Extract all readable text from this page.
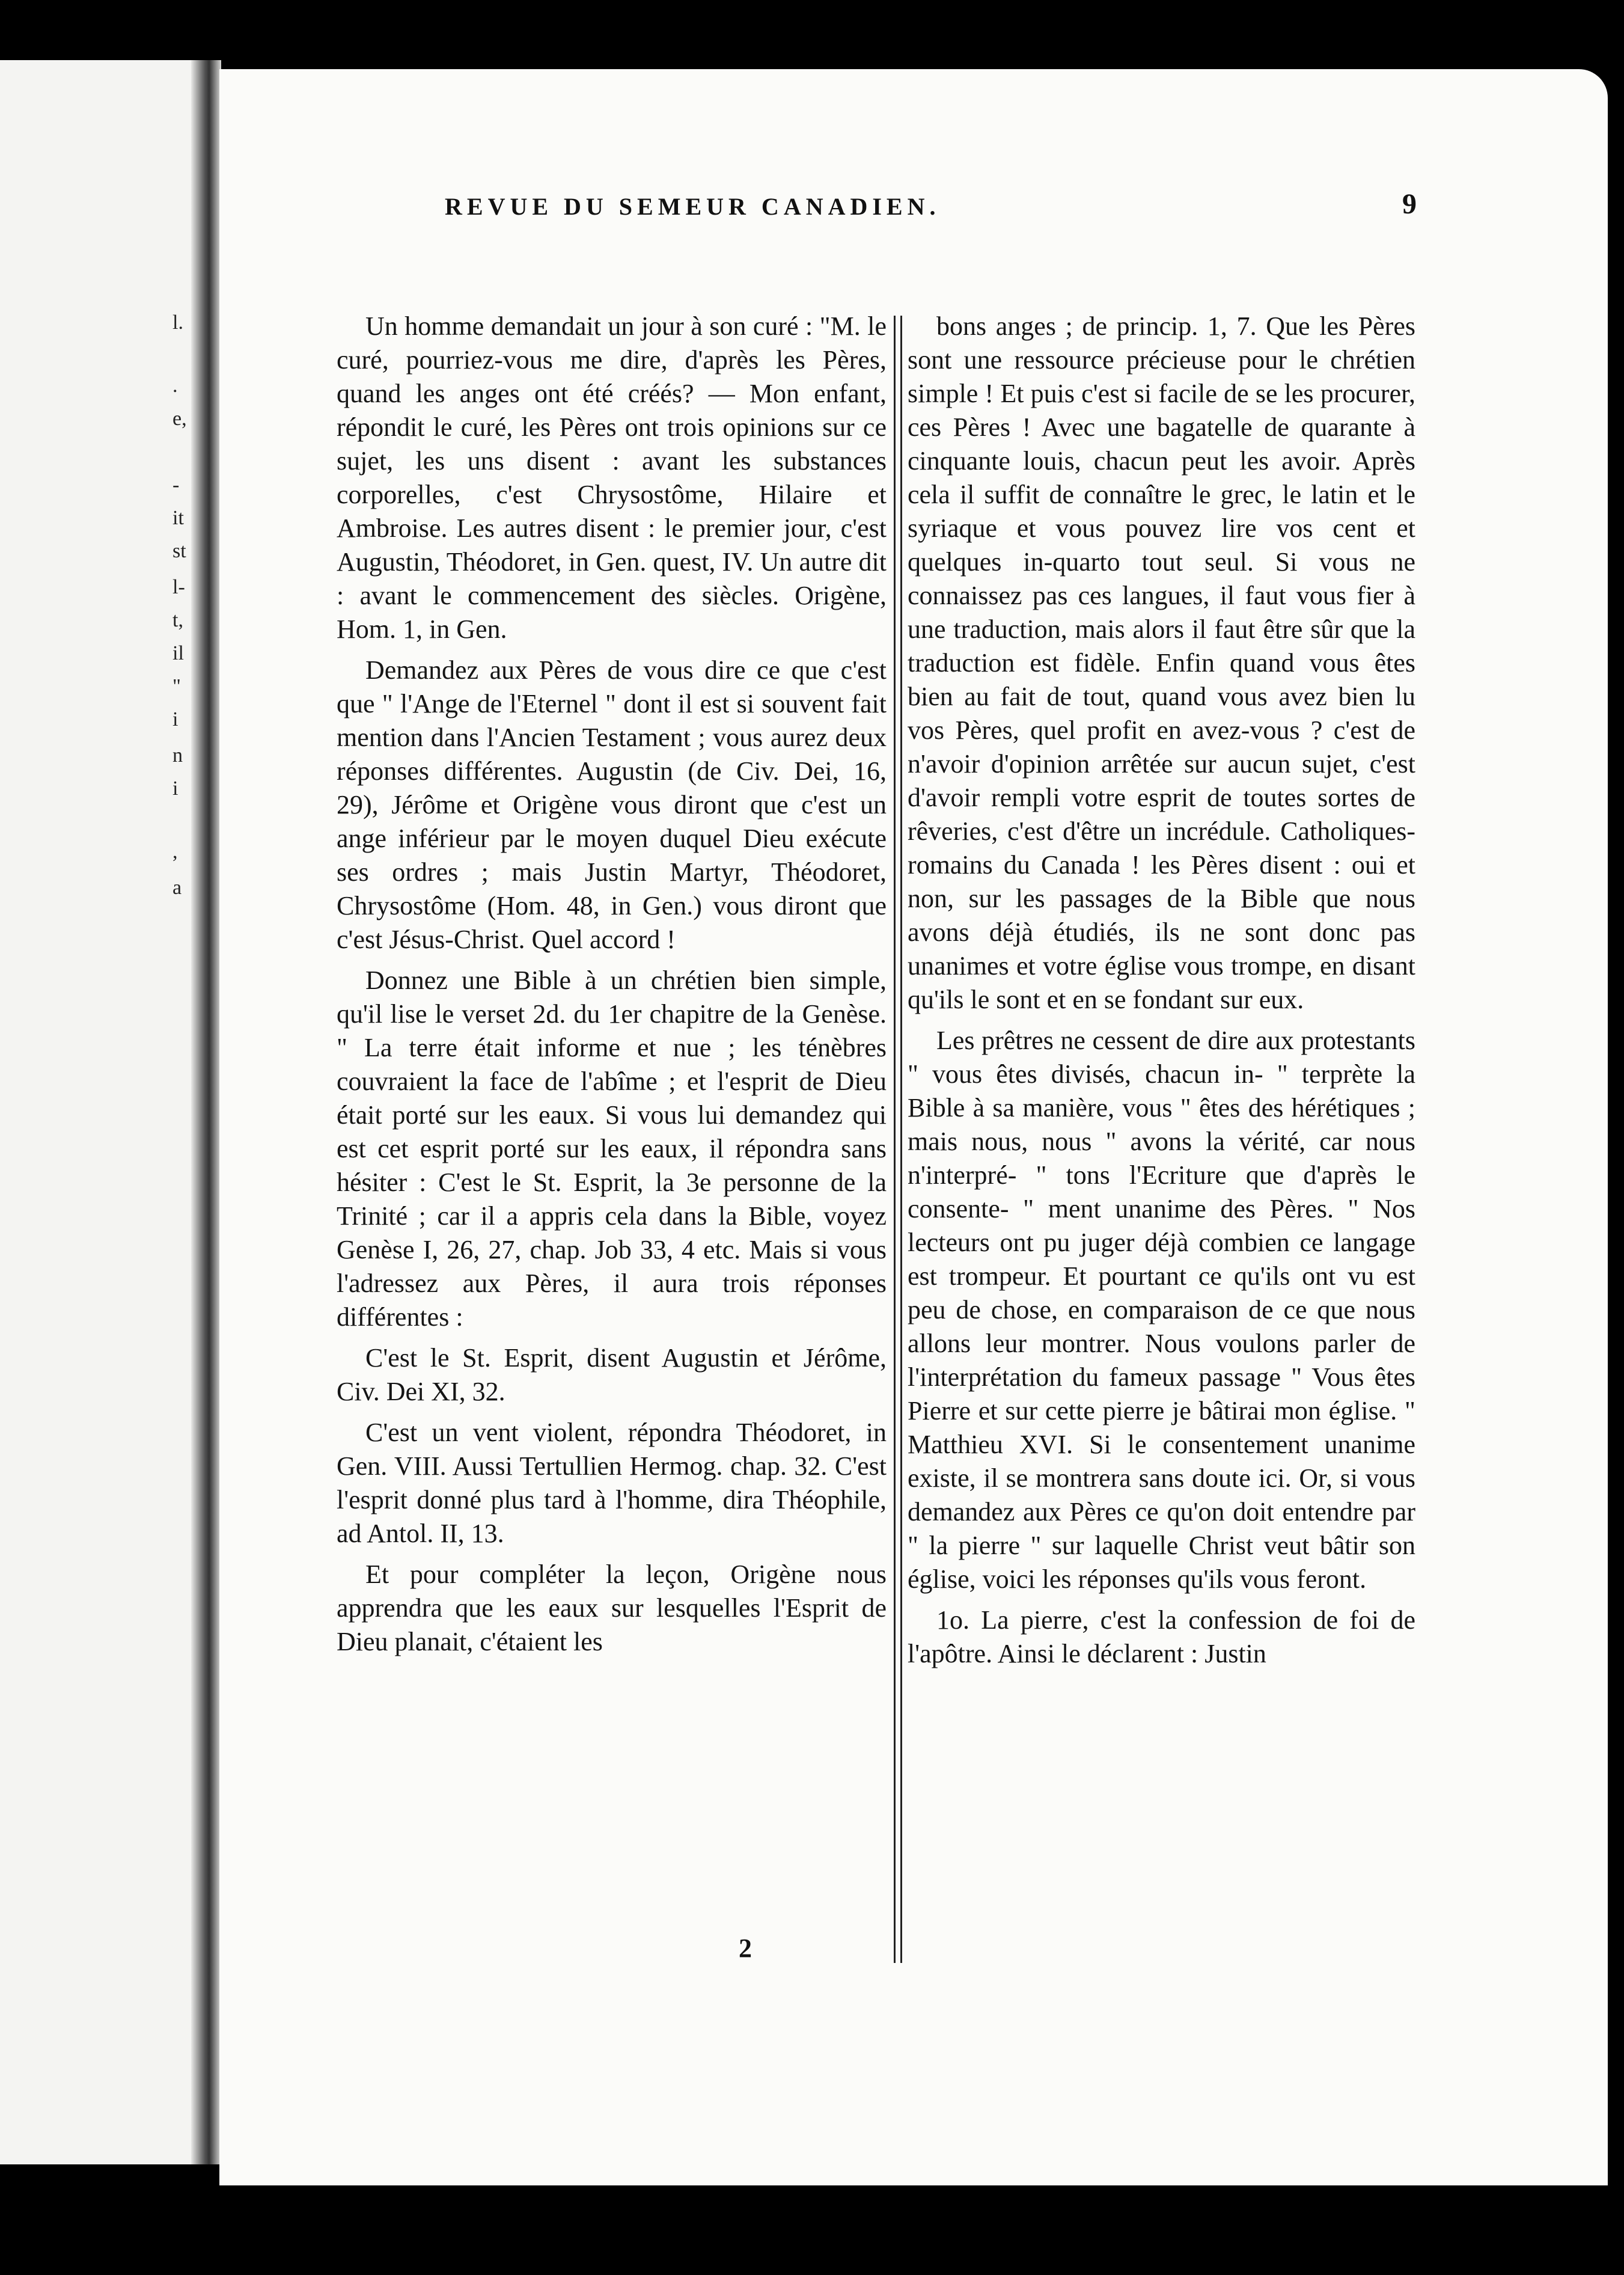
l.
.
e,
-
it
st
l-
t,
il
"
i
n
i
,
a
REVUE DU SEMEUR CANADIEN.	9

Un homme demandait un jour à son curé : "M. le curé, pourriez-vous me dire, d'après les Pères, quand les anges ont été créés? — Mon enfant, répondit le curé, les Pères ont trois opinions sur ce sujet, les uns disent : avant les substances corporelles, c'est Chrysostôme, Hilaire et Ambroise. Les autres disent : le premier jour, c'est Augustin, Théodoret, in Gen. quest, IV. Un autre dit : avant le commencement des siècles. Origène, Hom. 1, in Gen.

Demandez aux Pères de vous dire ce que c'est que " l'Ange de l'Eternel " dont il est si souvent fait mention dans l'Ancien Testament ; vous aurez deux réponses différentes. Augustin (de Civ. Dei, 16, 29), Jérôme et Origène vous diront que c'est un ange inférieur par le moyen duquel Dieu exécute ses ordres ; mais Justin Martyr, Théodoret, Chrysostôme (Hom. 48, in Gen.) vous diront que c'est Jésus-Christ. Quel accord !

Donnez une Bible à un chrétien bien simple, qu'il lise le verset 2d. du 1er chapitre de la Genèse. " La terre était informe et nue ; les ténèbres couvraient la face de l'abîme ; et l'esprit de Dieu était porté sur les eaux. Si vous lui demandez qui est cet esprit porté sur les eaux, il répondra sans hésiter : C'est le St. Esprit, la 3e personne de la Trinité ; car il a appris cela dans la Bible, voyez Genèse I, 26, 27, chap. Job 33, 4 etc. Mais si vous l'adressez aux Pères, il aura trois réponses différentes :

C'est le St. Esprit, disent Augustin et Jérôme, Civ. Dei XI, 32.

C'est un vent violent, répondra Théodoret, in Gen. VIII. Aussi Tertullien Hermog. chap. 32. C'est l'esprit donné plus tard à l'homme, dira Théophile, ad Antol. II, 13.

Et pour compléter la leçon, Origène nous apprendra que les eaux sur lesquelles l'Esprit de Dieu planait, c'étaient les

bons anges ; de princip. 1, 7. Que les Pères sont une ressource précieuse pour le chrétien simple ! Et puis c'est si facile de se les procurer, ces Pères ! Avec une bagatelle de quarante à cinquante louis, chacun peut les avoir. Après cela il suffit de connaître le grec, le latin et le syriaque et vous pouvez lire vos cent et quelques in-quarto tout seul. Si vous ne connaissez pas ces langues, il faut vous fier à une traduction, mais alors il faut être sûr que la traduction est fidèle. Enfin quand vous êtes bien au fait de tout, quand vous avez bien lu vos Pères, quel profit en avez-vous ? c'est de n'avoir d'opinion arrêtée sur aucun sujet, c'est d'avoir rempli votre esprit de toutes sortes de rêveries, c'est d'être un incrédule. Catholiques-romains du Canada ! les Pères disent : oui et non, sur les passages de la Bible que nous avons déjà étudiés, ils ne sont donc pas unanimes et votre église vous trompe, en disant qu'ils le sont et en se fondant sur eux.

Les prêtres ne cessent de dire aux protestants " vous êtes divisés, chacun in- " terprète la Bible à sa manière, vous " êtes des hérétiques ; mais nous, nous " avons la vérité, car nous n'interpré- " tons l'Ecriture que d'après le consente- " ment unanime des Pères. " Nos lecteurs ont pu juger déjà combien ce langage est trompeur. Et pourtant ce qu'ils ont vu est peu de chose, en comparaison de ce que nous allons leur montrer. Nous voulons parler de l'interprétation du fameux passage " Vous êtes Pierre et sur cette pierre je bâtirai mon église. " Matthieu XVI. Si le consentement unanime existe, il se montrera sans doute ici. Or, si vous demandez aux Pères ce qu'on doit entendre par " la pierre " sur laquelle Christ veut bâtir son église, voici les réponses qu'ils vous feront.

1o. La pierre, c'est la confession de foi de l'apôtre. Ainsi le déclarent : Justin

2
